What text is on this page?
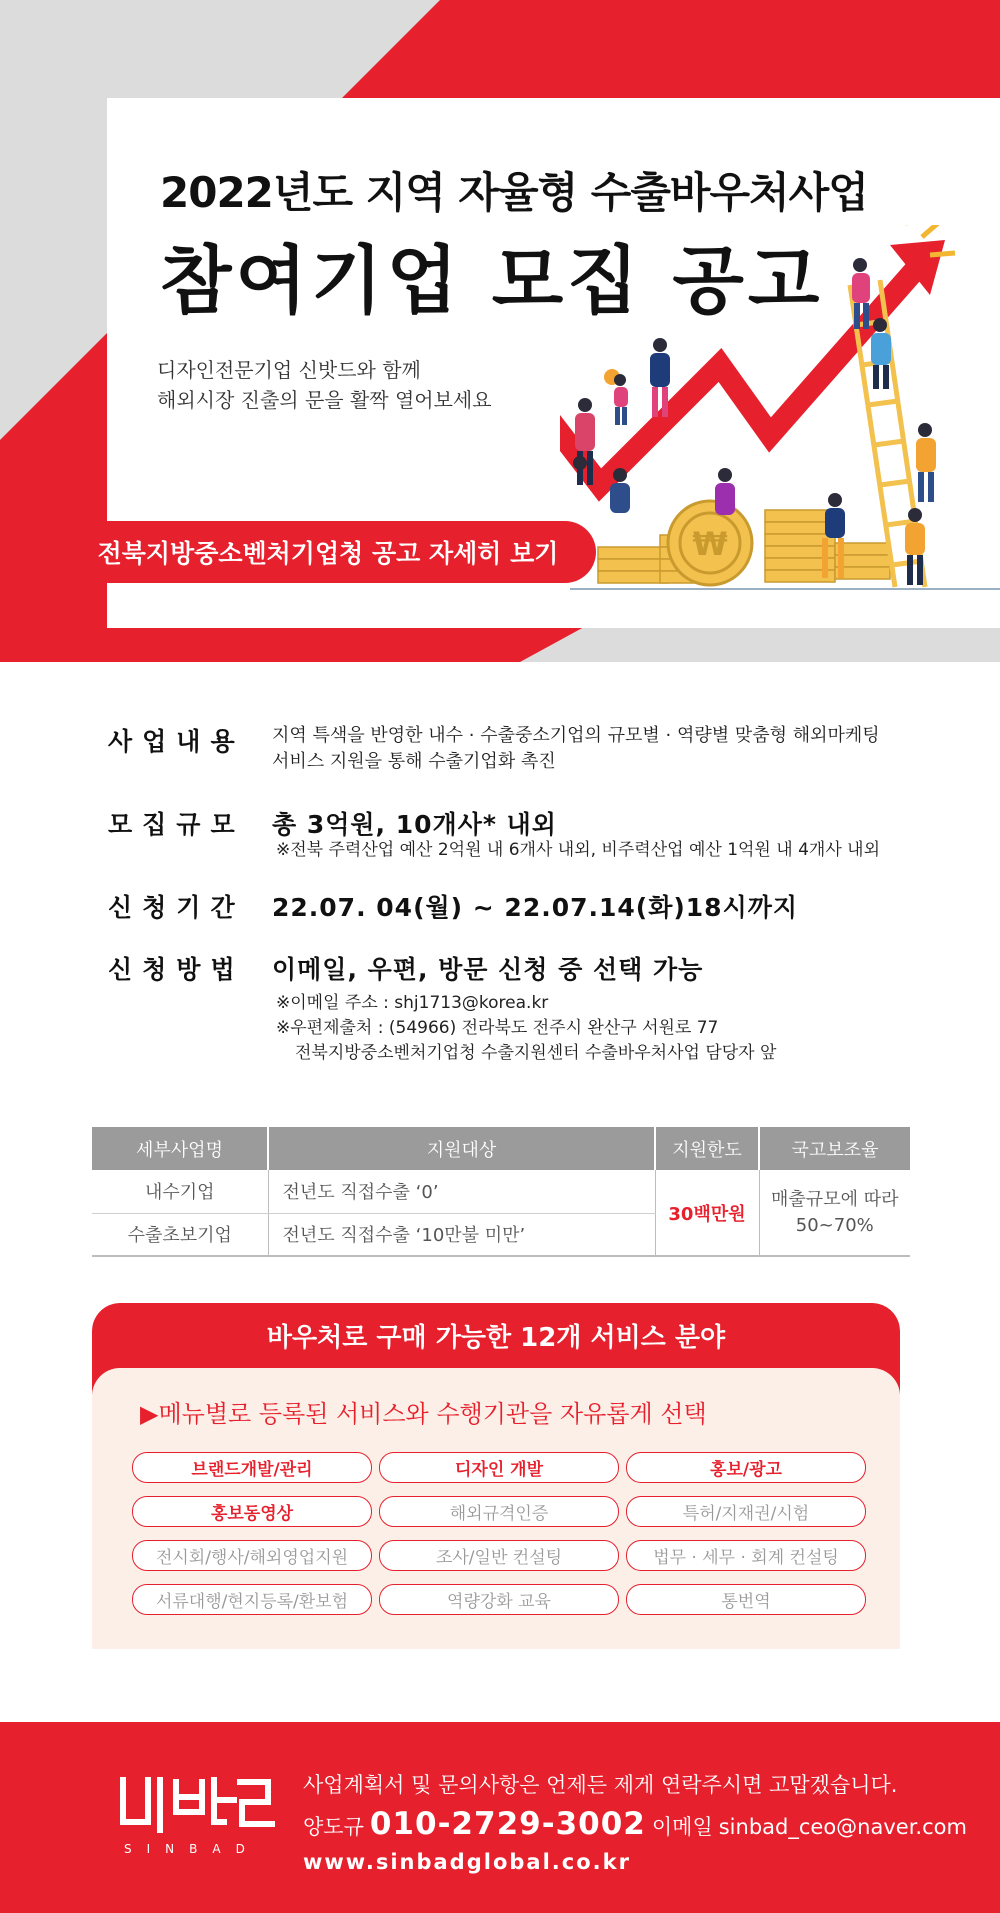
2022년도 지역 자율형 수출바우처사업
참여기업 모집 공고
디자인전문기업 신밧드와 함께
해외시장 진출의 문을 활짝 열어보세요
₩
전북지방중소벤처기업청 공고 자세히 보기
사업내용 지역 특색을 반영한 내수 · 수출중소기업의 규모별 · 역량별 맞춤형 해외마케팅
서비스 지원을 통해 수출기업화 촉진
모집규모 총 3억원, 10개사* 내외
※전북 주력산업 예산 2억원 내 6개사 내외, 비주력산업 예산 1억원 내 4개사 내외
신청기간 22.07. 04(월) ~ 22.07.14(화)18시까지
신청방법 이메일, 우편, 방문 신청 중 선택 가능
※이메일 주소 : shj1713@korea.kr
※우편제출처 : (54966) 전라북도 전주시 완산구 서원로 77
전북지방중소벤처기업청 수출지원센터 수출바우처사업 담당자 앞
세부사업명	지원대상	지원한도	국고보조율
내수기업	전년도 직접수출 ‘0’	30백만원	매출규모에 따라
50~70%

수출초보기업	전년도 직접수출 ‘10만불 미만’		
바우처로 구매 가능한 12개 서비스 분야
▶메뉴별로 등록된 서비스와 수행기관을 자유롭게 선택
브랜드개발/관리	디자인 개발	홍보/광고
홍보동영상	해외규격인증	특허/지재권/시험
전시회/행사/해외영업지원	조사/일반 컨설팅	법무 · 세무 · 회계 컨설팅
서류대행/현지등록/환보험	역량강화 교육	통번역
SINBAD
사업계획서 및 문의사항은 언제든 제게 연락주시면 고맙겠습니다.
양도규 010-2729-3002 이메일 sinbad_ceo@naver.com
www.sinbadglobal.co.kr
